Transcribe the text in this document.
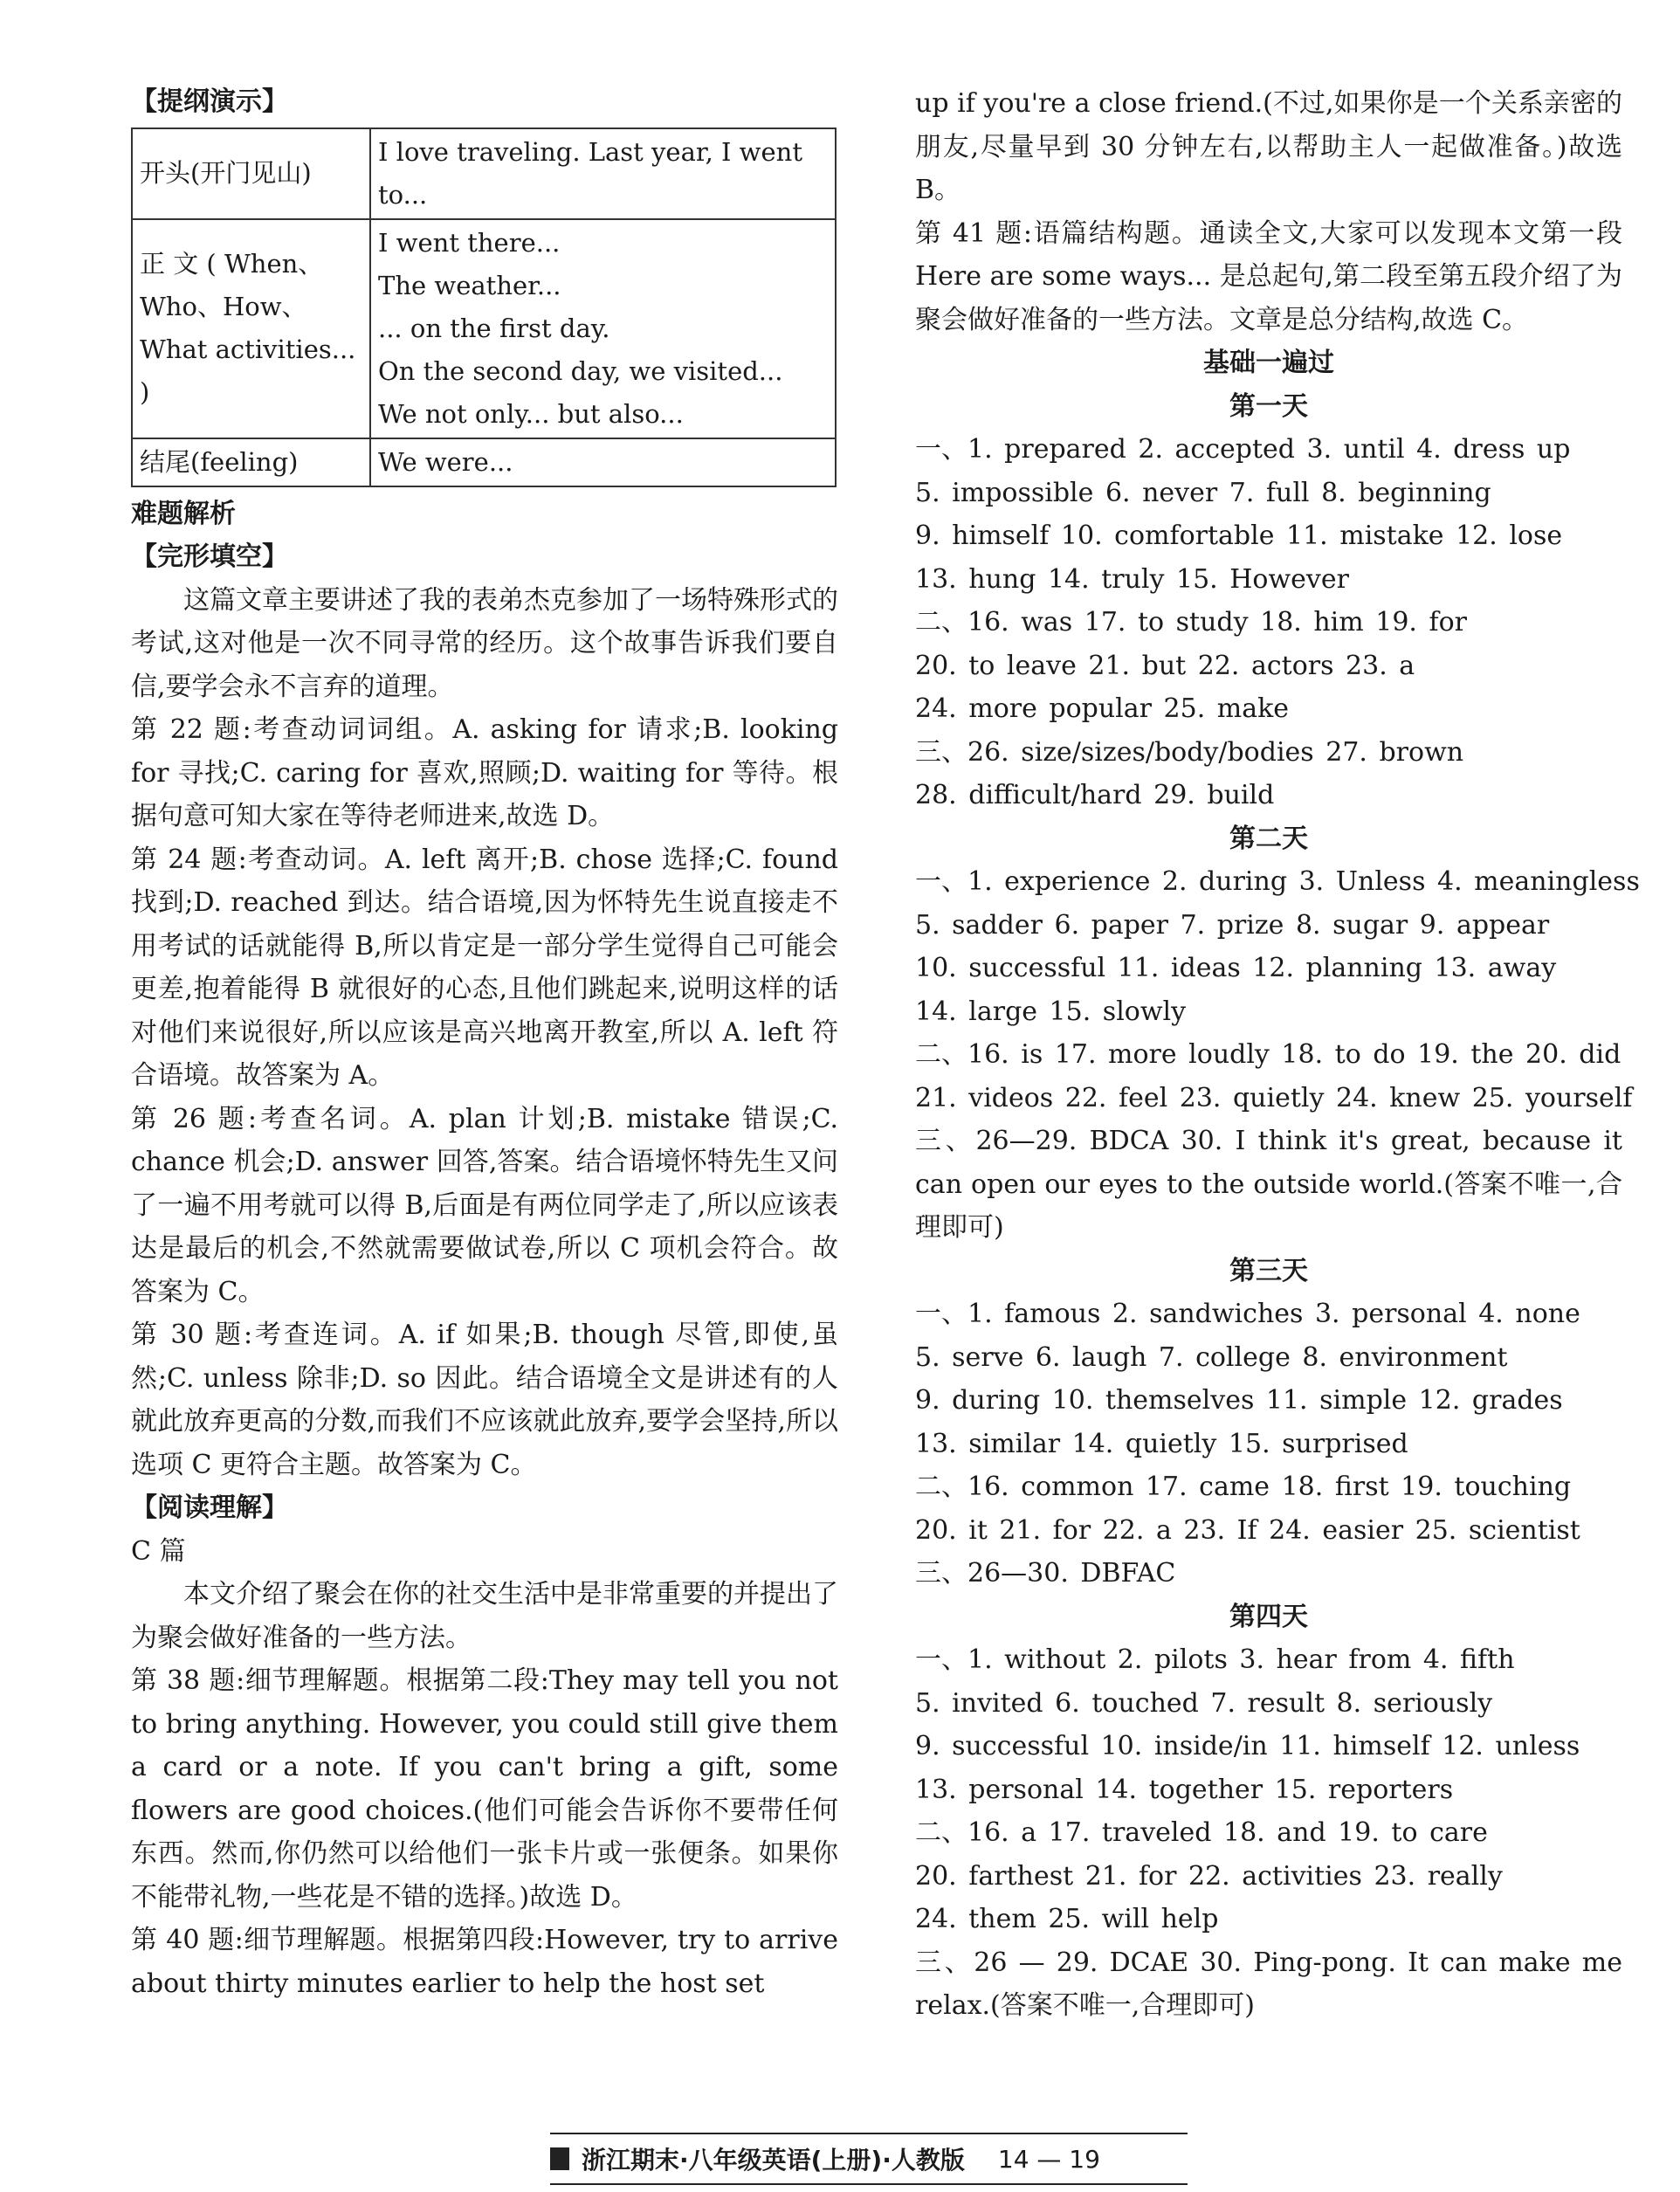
【提纲演示】
开头(开门见山)	I love traveling. Last year, I went
to...

正 文 ( When、Who、How、What activities... )	I went there...
The weather...
... on the first day.
On the second day, we visited...
We not only... but also...

结尾(feeling)	We were...
难题解析
【完形填空】

这篇文章主要讲述了我的表弟杰克参加了一场特殊形式的考试,这对他是一次不同寻常的经历。这个故事告诉我们要自信,要学会永不言弃的道理。

第 22 题:考查动词词组。A. asking for 请求;B. looking for 寻找;C. caring for 喜欢,照顾;D. waiting for 等待。根据句意可知大家在等待老师进来,故选 D。

第 24 题:考查动词。A. left 离开;B. chose 选择;C. found 找到;D. reached 到达。结合语境,因为怀特先生说直接走不用考试的话就能得 B,所以肯定是一部分学生觉得自己可能会更差,抱着能得 B 就很好的心态,且他们跳起来,说明这样的话对他们来说很好,所以应该是高兴地离开教室,所以 A. left 符合语境。故答案为 A。

第 26 题:考查名词。A. plan 计划;B. mistake 错误;C. chance 机会;D. answer 回答,答案。结合语境怀特先生又问了一遍不用考就可以得 B,后面是有两位同学走了,所以应该表达是最后的机会,不然就需要做试卷,所以 C 项机会符合。故答案为 C。

第 30 题:考查连词。A. if 如果;B. though 尽管,即使,虽然;C. unless 除非;D. so 因此。结合语境全文是讲述有的人就此放弃更高的分数,而我们不应该就此放弃,要学会坚持,所以选项 C 更符合主题。故答案为 C。

【阅读理解】

C 篇

本文介绍了聚会在你的社交生活中是非常重要的并提出了为聚会做好准备的一些方法。

第 38 题:细节理解题。根据第二段:They may tell you not to bring anything. However, you could still give them a card or a note. If you can't bring a gift, some flowers are good choices.(他们可能会告诉你不要带任何东西。然而,你仍然可以给他们一张卡片或一张便条。如果你不能带礼物,一些花是不错的选择。)故选 D。

第 40 题:细节理解题。根据第四段:However, try to arrive about thirty minutes earlier to help the host set

up if you're a close friend.(不过,如果你是一个关系亲密的朋友,尽量早到 30 分钟左右,以帮助主人一起做准备。)故选 B。

第 41 题:语篇结构题。通读全文,大家可以发现本文第一段 Here are some ways... 是总起句,第二段至第五段介绍了为聚会做好准备的一些方法。文章是总分结构,故选 C。

基础一遍过

第一天

一、1. prepared 2. accepted 3. until 4. dress up

5. impossible 6. never 7. full 8. beginning

9. himself 10. comfortable 11. mistake 12. lose

13. hung 14. truly 15. However

二、16. was 17. to study 18. him 19. for

20. to leave 21. but 22. actors 23. a

24. more popular 25. make

三、26. size/sizes/body/bodies 27. brown

28. difficult/hard 29. build

第二天

一、1. experience 2. during 3. Unless 4. meaningless

5. sadder 6. paper 7. prize 8. sugar 9. appear

10. successful 11. ideas 12. planning 13. away

14. large 15. slowly

二、16. is 17. more loudly 18. to do 19. the 20. did

21. videos 22. feel 23. quietly 24. knew 25. yourself

三、26—29. BDCA 30. I think it's great, because it can open our eyes to the outside world.(答案不唯一,合理即可)

第三天

一、1. famous 2. sandwiches 3. personal 4. none

5. serve 6. laugh 7. college 8. environment

9. during 10. themselves 11. simple 12. grades

13. similar 14. quietly 15. surprised

二、16. common 17. came 18. first 19. touching

20. it 21. for 22. a 23. If 24. easier 25. scientist

三、26—30. DBFAC

第四天

一、1. without 2. pilots 3. hear from 4. fifth

5. invited 6. touched 7. result 8. seriously

9. successful 10. inside/in 11. himself 12. unless

13. personal 14. together 15. reporters

二、16. a 17. traveled 18. and 19. to care

20. farthest 21. for 22. activities 23. really

24. them 25. will help

三、26 — 29. DCAE 30. Ping-pong. It can make me relax.(答案不唯一,合理即可)

浙江期末·八年级英语(上册)·人教版 14 — 19
